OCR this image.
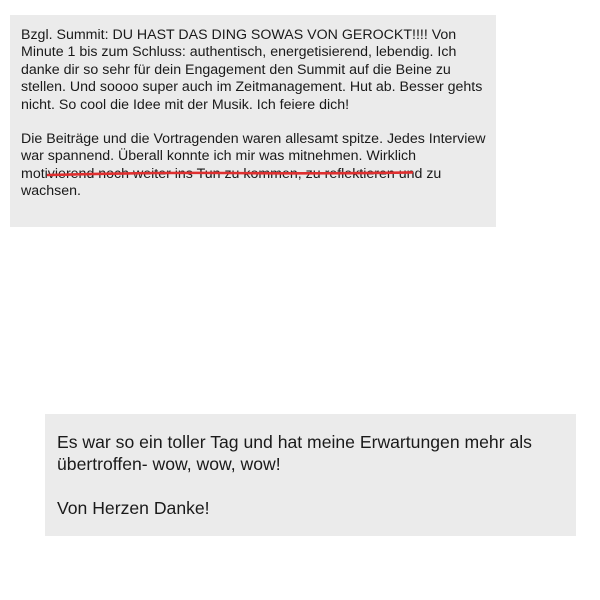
Bzgl. Summit: DU HAST DAS DING SOWAS VON GEROCKT!!!! Von Minute 1 bis zum Schluss: authentisch, energetisierend, lebendig. Ich danke dir so sehr für dein Engagement den Summit auf die Beine zu stellen. Und soooo super auch im Zeitmanagement. Hut ab. Besser gehts nicht. So cool die Idee mit der Musik. Ich feiere dich!

Die Beiträge und die Vortragenden waren allesamt spitze. Jedes Interview war spannend. Überall konnte ich mir was mitnehmen. Wirklich motivierend noch weiter ins Tun zu kommen, zu reflektieren und zu wachsen.

Es war so ein toller Tag und hat meine Erwartungen mehr als übertroffen- wow, wow, wow!

Von Herzen Danke!
